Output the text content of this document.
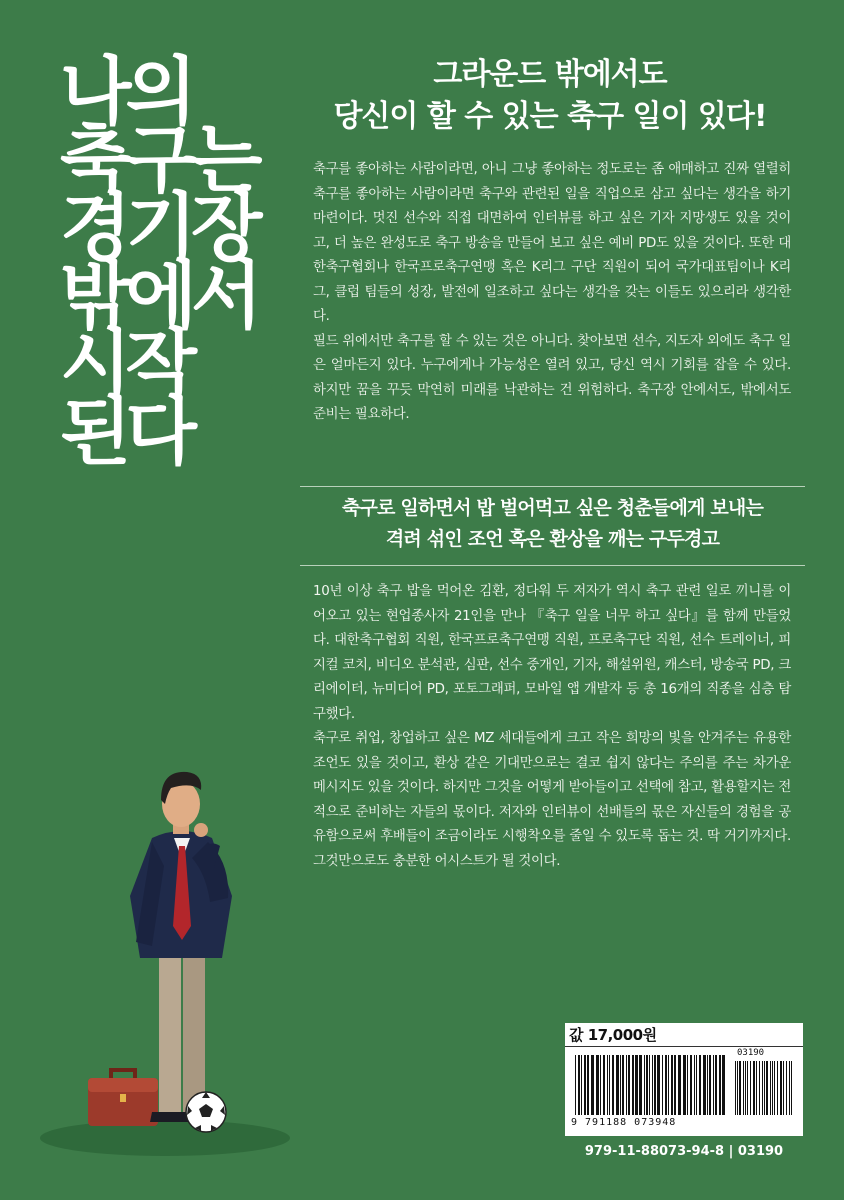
나의
축구는
경기장
밖에서
시작
된다
그라운드 밖에서도
당신이 할 수 있는 축구 일이 있다!

축구를 좋아하는 사람이라면, 아니 그냥 좋아하는 정도로는 좀 애매하고 진짜 열렬히 축구를 좋아하는 사람이라면 축구와 관련된 일을 직업으로 삼고 싶다는 생각을 하기 마련이다. 멋진 선수와 직접 대면하여 인터뷰를 하고 싶은 기자 지망생도 있을 것이고, 더 높은 완성도로 축구 방송을 만들어 보고 싶은 예비 PD도 있을 것이다. 또한 대한축구협회나 한국프로축구연맹 혹은 K리그 구단 직원이 되어 국가대표팀이나 K리그, 클럽 팀들의 성장, 발전에 일조하고 싶다는 생각을 갖는 이들도 있으리라 생각한다.

필드 위에서만 축구를 할 수 있는 것은 아니다. 찾아보면 선수, 지도자 외에도 축구 일은 얼마든지 있다. 누구에게나 가능성은 열려 있고, 당신 역시 기회를 잡을 수 있다. 하지만 꿈을 꾸듯 막연히 미래를 낙관하는 건 위험하다. 축구장 안에서도, 밖에서도 준비는 필요하다.

축구로 일하면서 밥 벌어먹고 싶은 청춘들에게 보내는
격려 섞인 조언 혹은 환상을 깨는 구두경고

10년 이상 축구 밥을 먹어온 김환, 정다워 두 저자가 역시 축구 관련 일로 끼니를 이어오고 있는 현업종사자 21인을 만나 『축구 일을 너무 하고 싶다』를 함께 만들었다. 대한축구협회 직원, 한국프로축구연맹 직원, 프로축구단 직원, 선수 트레이너, 피지컬 코치, 비디오 분석관, 심판, 선수 중개인, 기자, 해설위원, 캐스터, 방송국 PD, 크리에이터, 뉴미디어 PD, 포토그래퍼, 모바일 앱 개발자 등 총 16개의 직종을 심층 탐구했다.

축구로 취업, 창업하고 싶은 MZ 세대들에게 크고 작은 희망의 빛을 안겨주는 유용한 조언도 있을 것이고, 환상 같은 기대만으로는 결코 쉽지 않다는 주의를 주는 차가운 메시지도 있을 것이다. 하지만 그것을 어떻게 받아들이고 선택에 참고, 활용할지는 전적으로 준비하는 자들의 몫이다. 저자와 인터뷰이 선배들의 몫은 자신들의 경험을 공유함으로써 후배들이 조금이라도 시행착오를 줄일 수 있도록 돕는 것. 딱 거기까지다. 그것만으로도 충분한 어시스트가 될 것이다.

값 17,000원
03190
9 791188 073948
979-11-88073-94-8 | 03190
